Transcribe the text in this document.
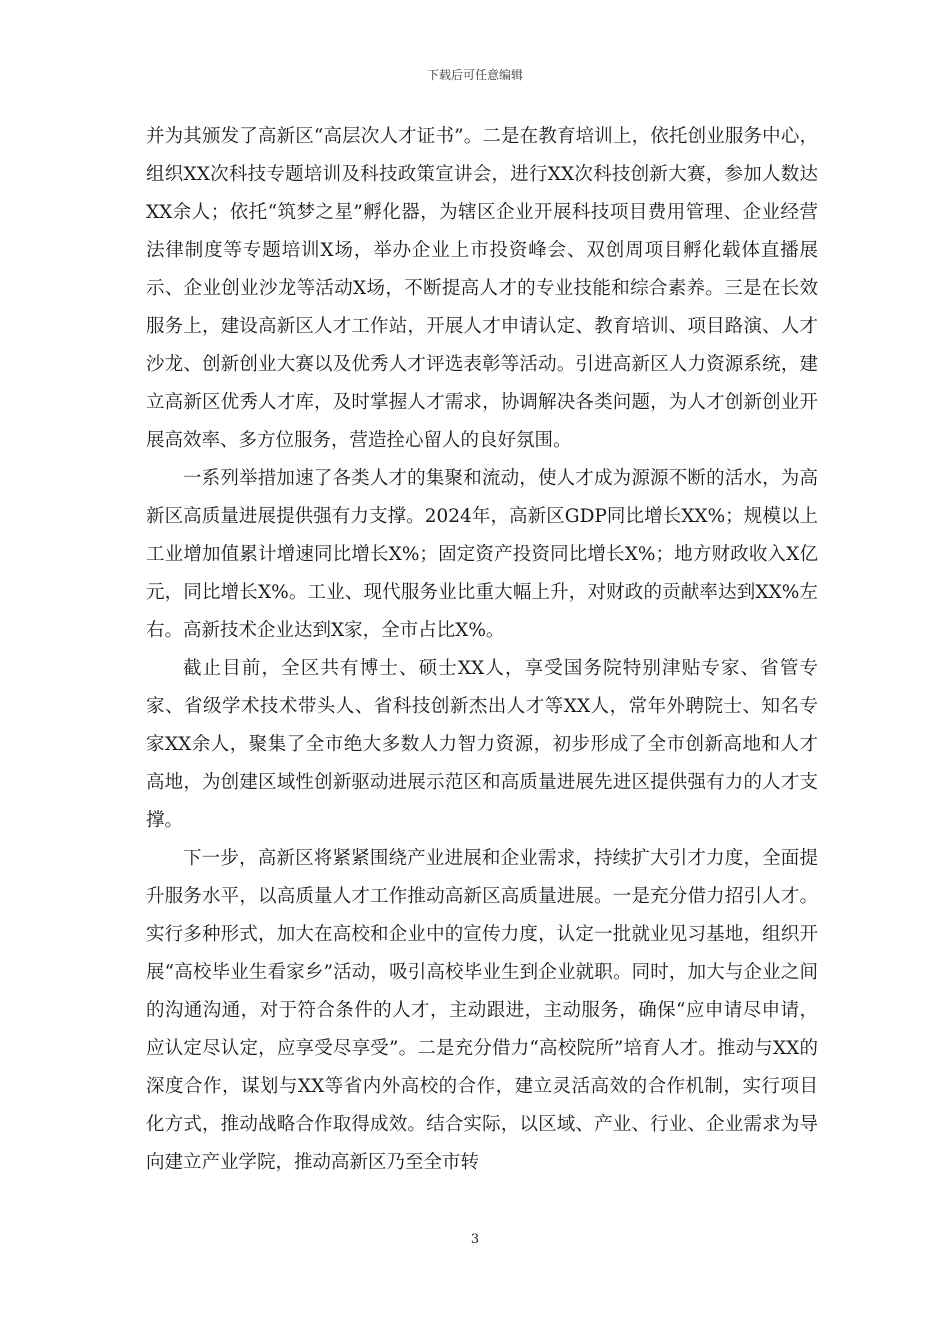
下载后可任意编辑

并为其颁发了高新区“高层次人才证书”。二是在教育培训上，依托创业服务中心，组织XX次科技专题培训及科技政策宣讲会，进行XX次科技创新大赛，参加人数达XX余人；依托“筑梦之星”孵化器，为辖区企业开展科技项目费用管理、企业经营法律制度等专题培训X场，举办企业上市投资峰会、双创周项目孵化载体直播展示、企业创业沙龙等活动X场，不断提高人才的专业技能和综合素养。三是在长效服务上，建设高新区人才工作站，开展人才申请认定、教育培训、项目路演、人才沙龙、创新创业大赛以及优秀人才评选表彰等活动。引进高新区人力资源系统，建立高新区优秀人才库，及时掌握人才需求，协调解决各类问题，为人才创新创业开展高效率、多方位服务，营造拴心留人的良好氛围。

一系列举措加速了各类人才的集聚和流动，使人才成为源源不断的活水，为高新区高质量进展提供强有力支撑。2024年，高新区GDP同比增长XX%；规模以上工业增加值累计增速同比增长X%；固定资产投资同比增长X%；地方财政收入X亿元，同比增长X%。工业、现代服务业比重大幅上升，对财政的贡献率达到XX%左右。高新技术企业达到X家，全市占比X%。

截止目前，全区共有博士、硕士XX人，享受国务院特别津贴专家、省管专家、省级学术技术带头人、省科技创新杰出人才等XX人，常年外聘院士、知名专家XX余人，聚集了全市绝大多数人力智力资源，初步形成了全市创新高地和人才高地，为创建区域性创新驱动进展示范区和高质量进展先进区提供强有力的人才支撑。

下一步，高新区将紧紧围绕产业进展和企业需求，持续扩大引才力度，全面提升服务水平，以高质量人才工作推动高新区高质量进展。一是充分借力招引人才。实行多种形式，加大在高校和企业中的宣传力度，认定一批就业见习基地，组织开展“高校毕业生看家乡”活动，吸引高校毕业生到企业就职。同时，加大与企业之间的沟通沟通，对于符合条件的人才，主动跟进，主动服务，确保“应申请尽申请，应认定尽认定，应享受尽享受”。二是充分借力“高校院所”培育人才。推动与XX的深度合作，谋划与XX等省内外高校的合作，建立灵活高效的合作机制，实行项目化方式，推动战略合作取得成效。结合实际，以区域、产业、行业、企业需求为导向建立产业学院，推动高新区乃至全市转

3
